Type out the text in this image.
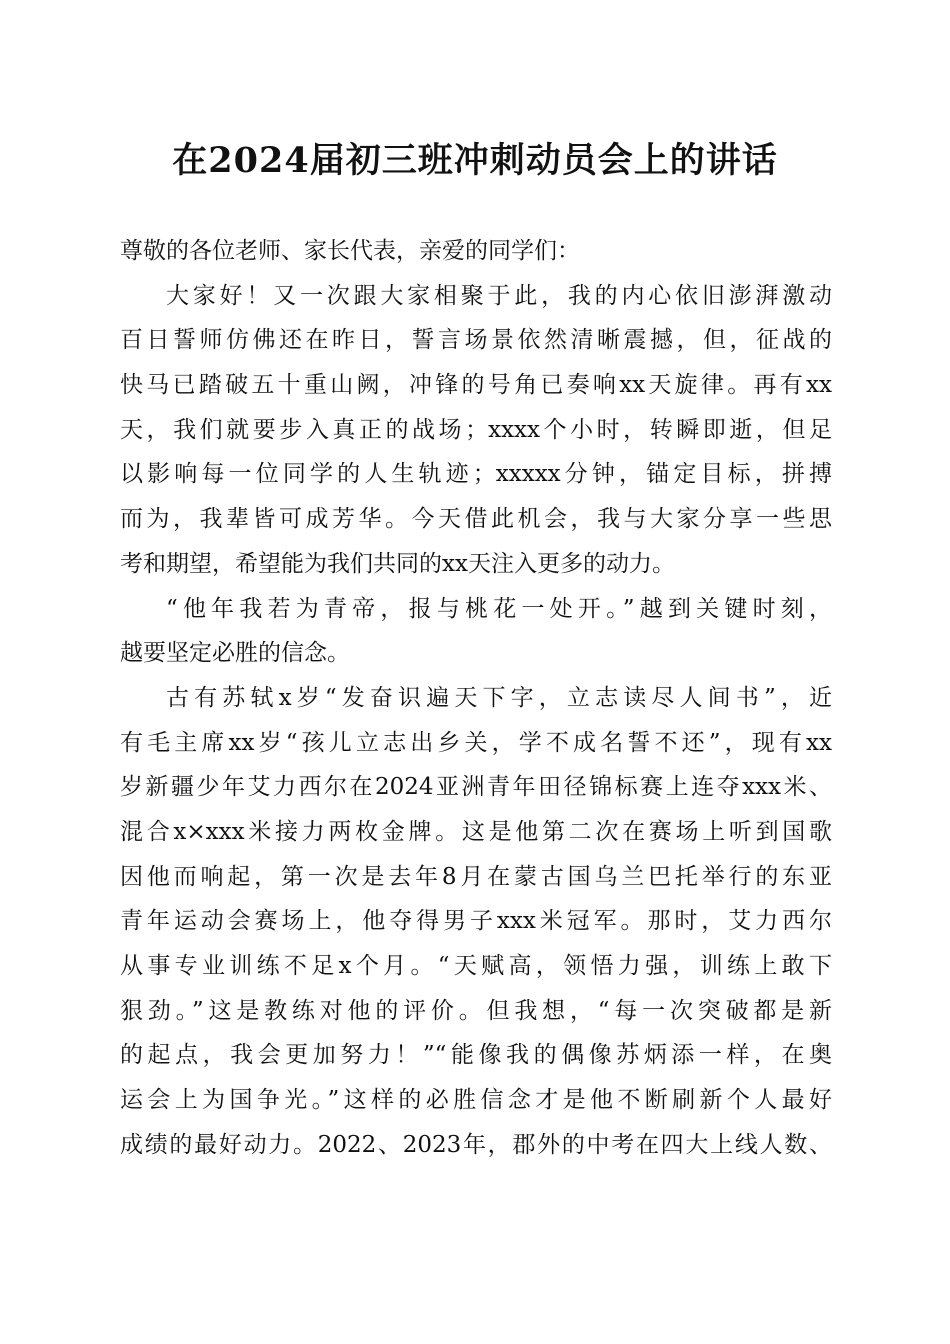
在2024届初三班冲刺动员会上的讲话
尊敬的各位老师、家长代表，亲爱的同学们：
大家好！又一次跟大家相聚于此，我的内心依旧澎湃激动
百日誓师仿佛还在昨日，誓言场景依然清晰震撼，但，征战的
快马已踏破五十重山阙，冲锋的号角已奏响xx天旋律。再有xx
天，我们就要步入真正的战场；xxxx个小时，转瞬即逝，但足
以影响每一位同学的人生轨迹；xxxxx分钟，锚定目标，拼搏
而为，我辈皆可成芳华。今天借此机会，我与大家分享一些思
考和期望，希望能为我们共同的xx天注入更多的动力。
“他年我若为青帝，报与桃花一处开。”越到关键时刻，
越要坚定必胜的信念。
古有苏轼x岁“发奋识遍天下字，立志读尽人间书”，近
有毛主席xx岁“孩儿立志出乡关，学不成名誓不还”，现有xx
岁新疆少年艾力西尔在2024亚洲青年田径锦标赛上连夺xxx米、
混合x×xxx米接力两枚金牌。这是他第二次在赛场上听到国歌
因他而响起，第一次是去年8月在蒙古国乌兰巴托举行的东亚
青年运动会赛场上，他夺得男子xxx米冠军。那时，艾力西尔
从事专业训练不足x个月。“天赋高，领悟力强，训练上敢下
狠劲。”这是教练对他的评价。但我想，“每一次突破都是新
的起点，我会更加努力！”“能像我的偶像苏炳添一样，在奥
运会上为国争光。”这样的必胜信念才是他不断刷新个人最好
成绩的最好动力。2022、2023年，郡外的中考在四大上线人数、
